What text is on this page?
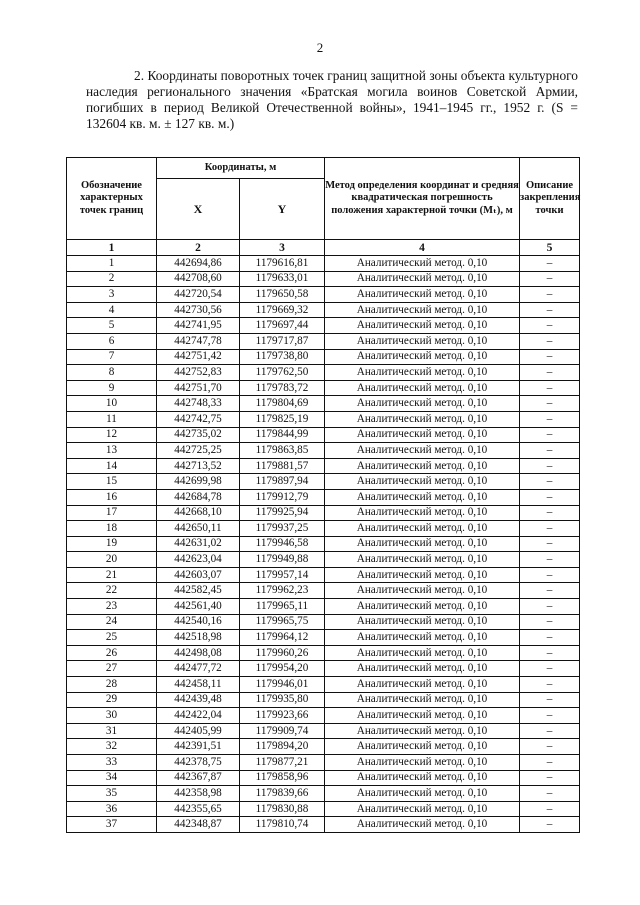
2

2. Координаты поворотных точек границ защитной зоны объекта культурного наследия регионального значения «Братская могила воинов Советской Армии, погибших в период Великой Отечественной войны», 1941–1945 гг., 1952 г. (S = 132604 кв. м. ± 127 кв. м.)

Обозначение характерных точек границ	Координаты, м		Метод определения координат и средняя квадратическая погрешность положения характерной точки (Mₜ), м	Описание закрепления точки
	X	Y		
1	2	3	4	5
1	442694,86	1179616,81	Аналитический метод. 0,10	–
2	442708,60	1179633,01	Аналитический метод. 0,10	–
3	442720,54	1179650,58	Аналитический метод. 0,10	–
4	442730,56	1179669,32	Аналитический метод. 0,10	–
5	442741,95	1179697,44	Аналитический метод. 0,10	–
6	442747,78	1179717,87	Аналитический метод. 0,10	–
7	442751,42	1179738,80	Аналитический метод. 0,10	–
8	442752,83	1179762,50	Аналитический метод. 0,10	–
9	442751,70	1179783,72	Аналитический метод. 0,10	–
10	442748,33	1179804,69	Аналитический метод. 0,10	–
11	442742,75	1179825,19	Аналитический метод. 0,10	–
12	442735,02	1179844,99	Аналитический метод. 0,10	–
13	442725,25	1179863,85	Аналитический метод. 0,10	–
14	442713,52	1179881,57	Аналитический метод. 0,10	–
15	442699,98	1179897,94	Аналитический метод. 0,10	–
16	442684,78	1179912,79	Аналитический метод. 0,10	–
17	442668,10	1179925,94	Аналитический метод. 0,10	–
18	442650,11	1179937,25	Аналитический метод. 0,10	–
19	442631,02	1179946,58	Аналитический метод. 0,10	–
20	442623,04	1179949,88	Аналитический метод. 0,10	–
21	442603,07	1179957,14	Аналитический метод. 0,10	–
22	442582,45	1179962,23	Аналитический метод. 0,10	–
23	442561,40	1179965,11	Аналитический метод. 0,10	–
24	442540,16	1179965,75	Аналитический метод. 0,10	–
25	442518,98	1179964,12	Аналитический метод. 0,10	–
26	442498,08	1179960,26	Аналитический метод. 0,10	–
27	442477,72	1179954,20	Аналитический метод. 0,10	–
28	442458,11	1179946,01	Аналитический метод. 0,10	–
29	442439,48	1179935,80	Аналитический метод. 0,10	–
30	442422,04	1179923,66	Аналитический метод. 0,10	–
31	442405,99	1179909,74	Аналитический метод. 0,10	–
32	442391,51	1179894,20	Аналитический метод. 0,10	–
33	442378,75	1179877,21	Аналитический метод. 0,10	–
34	442367,87	1179858,96	Аналитический метод. 0,10	–
35	442358,98	1179839,66	Аналитический метод. 0,10	–
36	442355,65	1179830,88	Аналитический метод. 0,10	–
37	442348,87	1179810,74	Аналитический метод. 0,10	–
